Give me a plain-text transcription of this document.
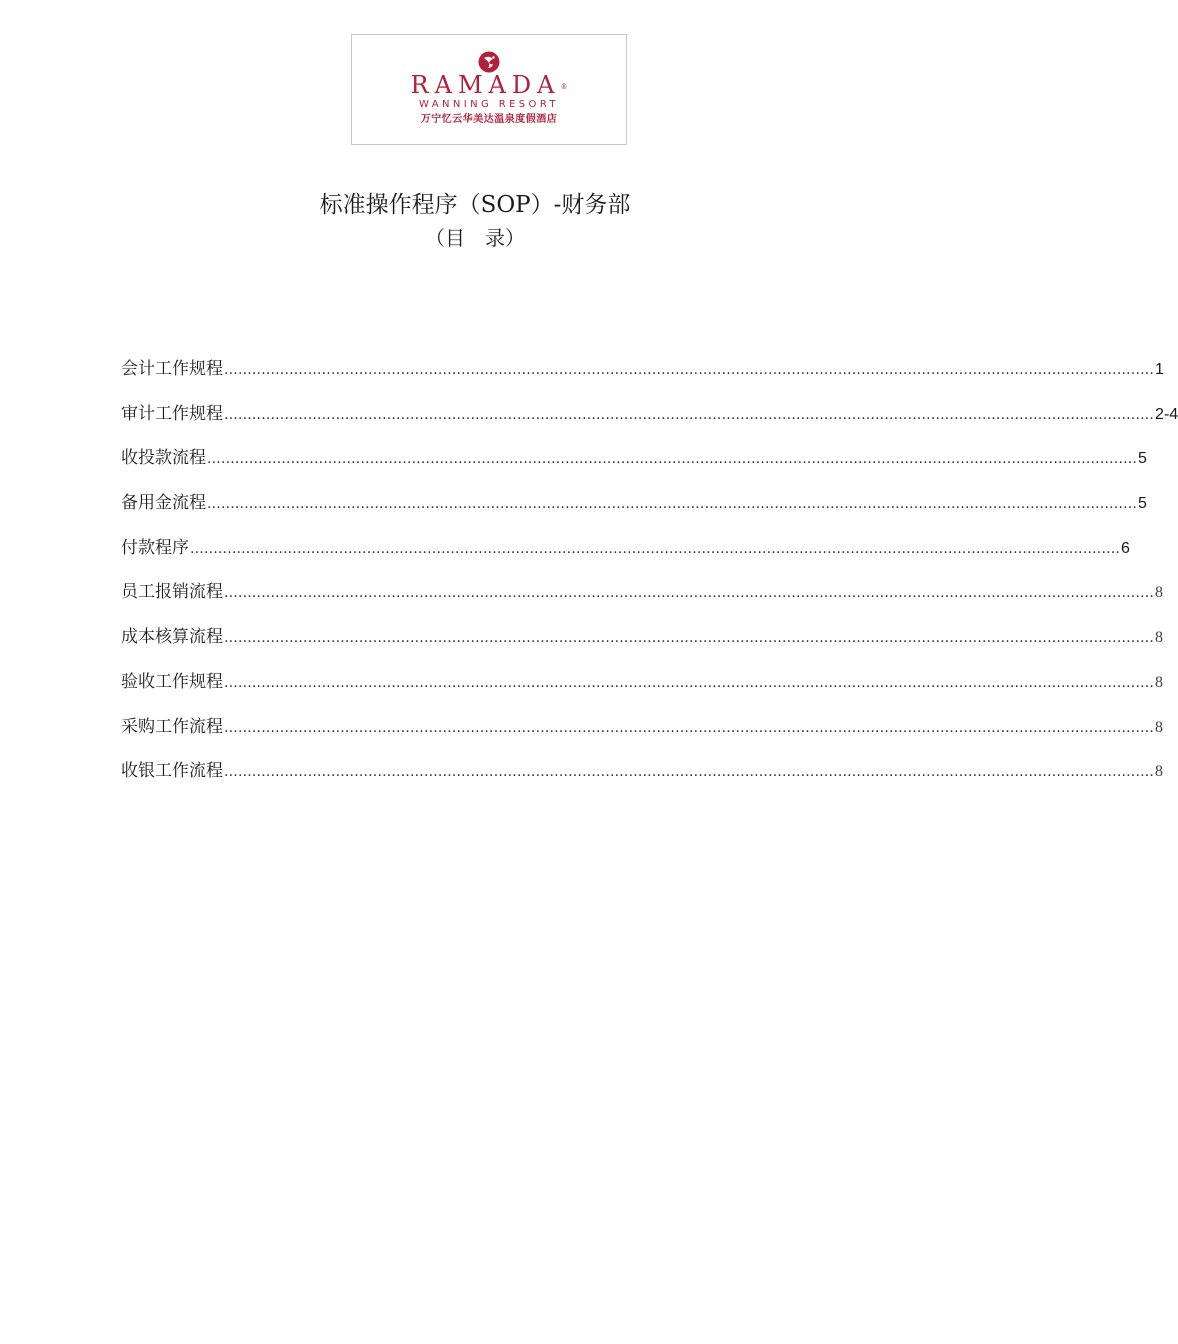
RAMADA®
WANNING RESORT
万宁忆云华美达温泉度假酒店
标准操作程序（SOP）-财务部
（目　录）
会计工作规程 ........................................................................................................................................................................................................ 1
审计工作规程 ........................................................................................................................................................................................................ 2-4
收投款流程 ........................................................................................................................................................................................................ 5
备用金流程 ........................................................................................................................................................................................................ 5
付款程序 ........................................................................................................................................................................................................ 6
员工报销流程 ........................................................................................................................................................................................................ 8
成本核算流程 ........................................................................................................................................................................................................ 8
验收工作规程 ........................................................................................................................................................................................................ 8
采购工作流程 ........................................................................................................................................................................................................ 8
收银工作流程 ........................................................................................................................................................................................................ 8
